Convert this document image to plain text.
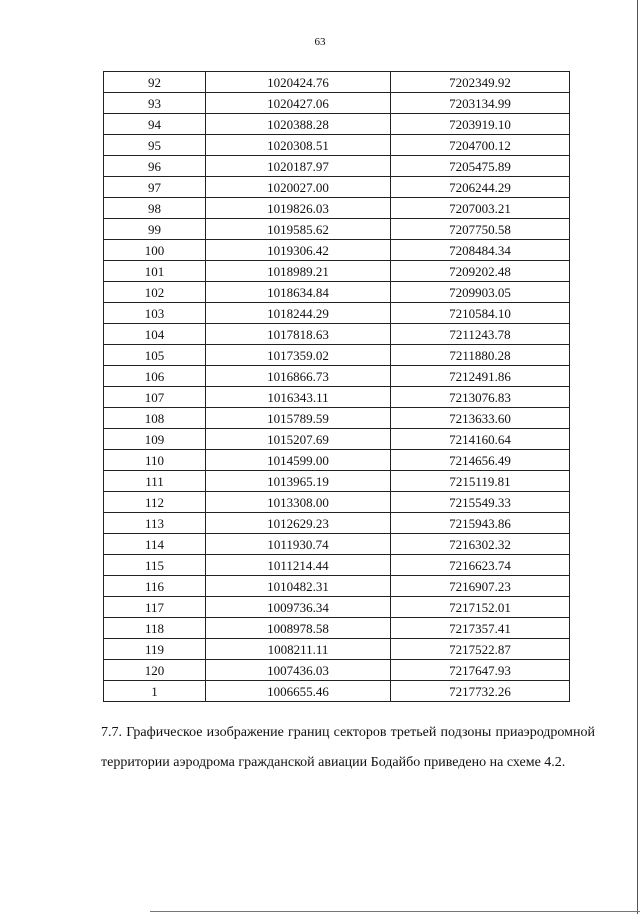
63
92	1020424.76	7202349.92
93	1020427.06	7203134.99
94	1020388.28	7203919.10
95	1020308.51	7204700.12
96	1020187.97	7205475.89
97	1020027.00	7206244.29
98	1019826.03	7207003.21
99	1019585.62	7207750.58
100	1019306.42	7208484.34
101	1018989.21	7209202.48
102	1018634.84	7209903.05
103	1018244.29	7210584.10
104	1017818.63	7211243.78
105	1017359.02	7211880.28
106	1016866.73	7212491.86
107	1016343.11	7213076.83
108	1015789.59	7213633.60
109	1015207.69	7214160.64
110	1014599.00	7214656.49
111	1013965.19	7215119.81
112	1013308.00	7215549.33
113	1012629.23	7215943.86
114	1011930.74	7216302.32
115	1011214.44	7216623.74
116	1010482.31	7216907.23
117	1009736.34	7217152.01
118	1008978.58	7217357.41
119	1008211.11	7217522.87
120	1007436.03	7217647.93
1	1006655.46	7217732.26
7.7. Графическое изображение границ секторов третьей подзоны приаэродромной территории аэродрома гражданской авиации Бодайбо приведено на схеме 4.2.
